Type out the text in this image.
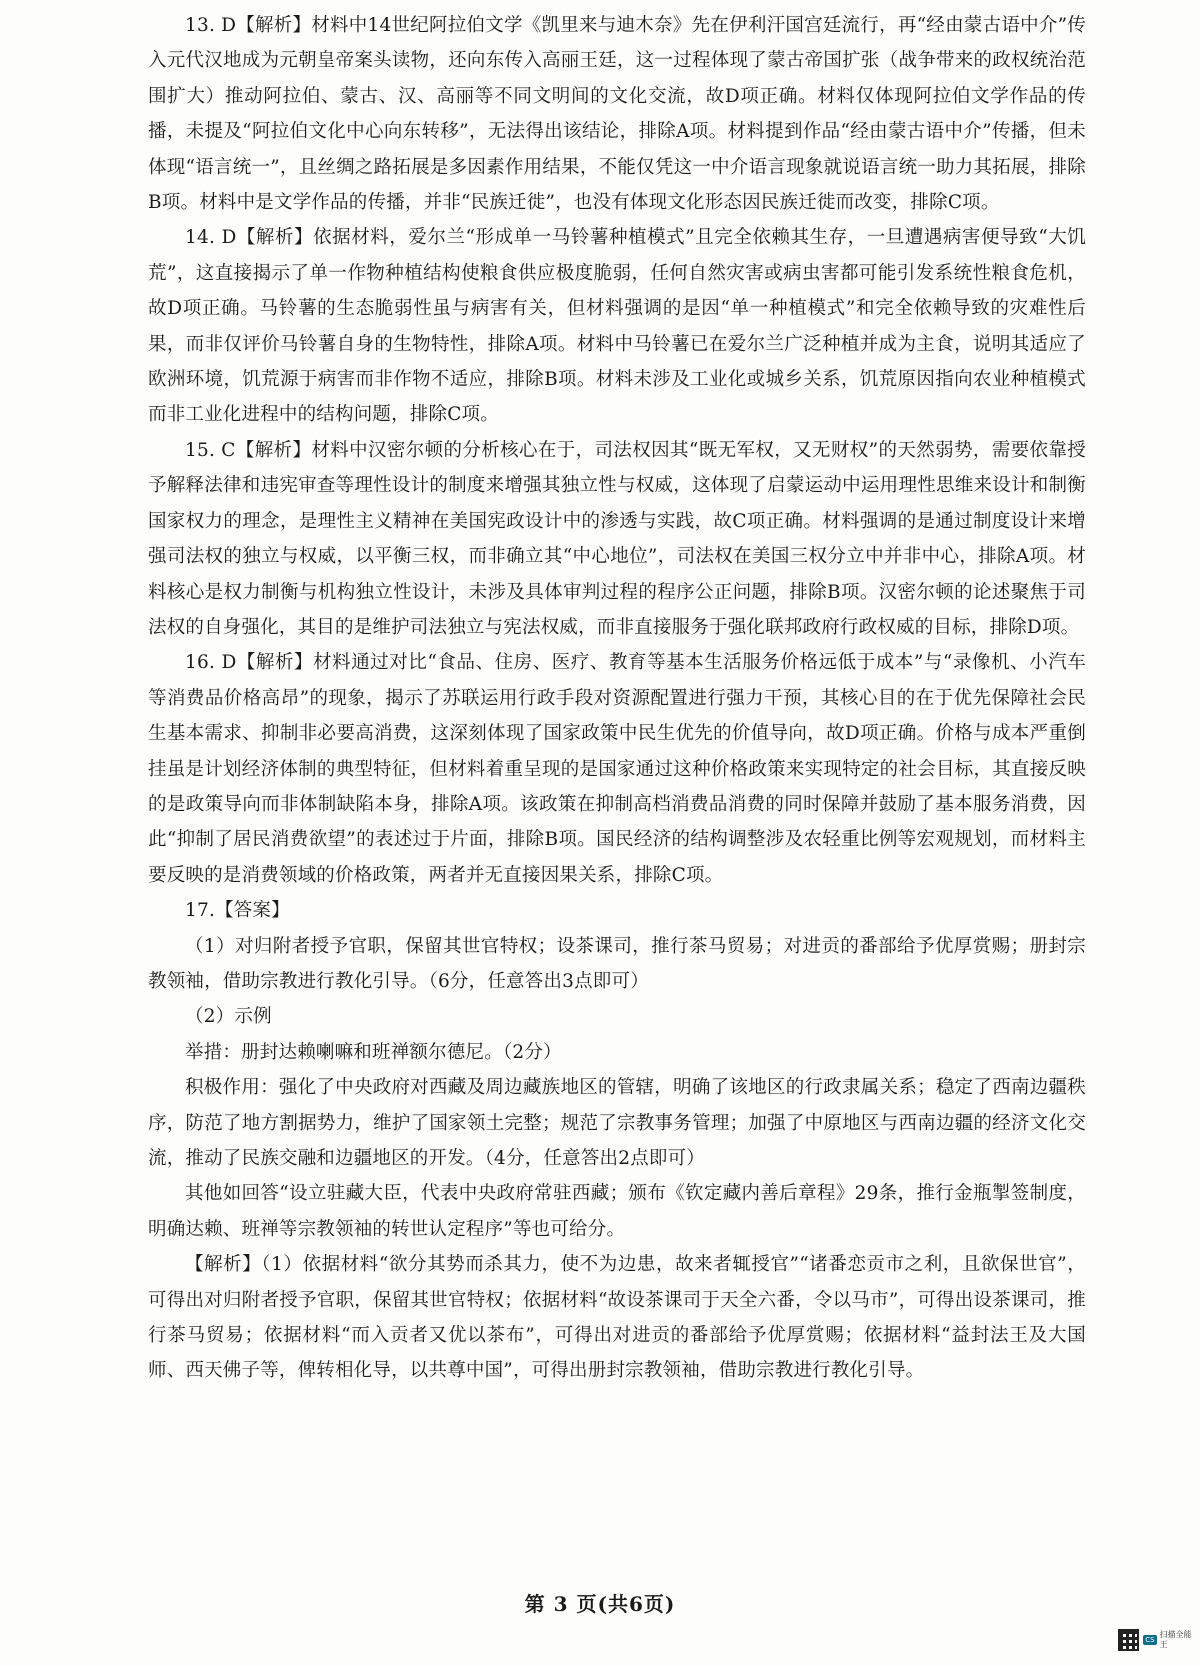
13. D【解析】材料中14世纪阿拉伯文学《凯里来与迪木奈》先在伊利汗国宫廷流行，再“经由蒙古语中介”传入元代汉地成为元朝皇帝案头读物，还向东传入高丽王廷，这一过程体现了蒙古帝国扩张（战争带来的政权统治范围扩大）推动阿拉伯、蒙古、汉、高丽等不同文明间的文化交流，故D项正确。材料仅体现阿拉伯文学作品的传播，未提及“阿拉伯文化中心向东转移”，无法得出该结论，排除A项。材料提到作品“经由蒙古语中介”传播，但未体现“语言统一”，且丝绸之路拓展是多因素作用结果，不能仅凭这一中介语言现象就说语言统一助力其拓展，排除B项。材料中是文学作品的传播，并非“民族迁徙”，也没有体现文化形态因民族迁徙而改变，排除C项。

14. D【解析】依据材料，爱尔兰“形成单一马铃薯种植模式”且完全依赖其生存，一旦遭遇病害便导致“大饥荒”，这直接揭示了单一作物种植结构使粮食供应极度脆弱，任何自然灾害或病虫害都可能引发系统性粮食危机，故D项正确。马铃薯的生态脆弱性虽与病害有关，但材料强调的是因“单一种植模式”和完全依赖导致的灾难性后果，而非仅评价马铃薯自身的生物特性，排除A项。材料中马铃薯已在爱尔兰广泛种植并成为主食，说明其适应了欧洲环境，饥荒源于病害而非作物不适应，排除B项。材料未涉及工业化或城乡关系，饥荒原因指向农业种植模式而非工业化进程中的结构问题，排除C项。

15. C【解析】材料中汉密尔顿的分析核心在于，司法权因其“既无军权，又无财权”的天然弱势，需要依靠授予解释法律和违宪审查等理性设计的制度来增强其独立性与权威，这体现了启蒙运动中运用理性思维来设计和制衡国家权力的理念，是理性主义精神在美国宪政设计中的渗透与实践，故C项正确。材料强调的是通过制度设计来增强司法权的独立与权威，以平衡三权，而非确立其“中心地位”，司法权在美国三权分立中并非中心，排除A项。材料核心是权力制衡与机构独立性设计，未涉及具体审判过程的程序公正问题，排除B项。汉密尔顿的论述聚焦于司法权的自身强化，其目的是维护司法独立与宪法权威，而非直接服务于强化联邦政府行政权威的目标，排除D项。

16. D【解析】材料通过对比“食品、住房、医疗、教育等基本生活服务价格远低于成本”与“录像机、小汽车等消费品价格高昂”的现象，揭示了苏联运用行政手段对资源配置进行强力干预，其核心目的在于优先保障社会民生基本需求、抑制非必要高消费，这深刻体现了国家政策中民生优先的价值导向，故D项正确。价格与成本严重倒挂虽是计划经济体制的典型特征，但材料着重呈现的是国家通过这种价格政策来实现特定的社会目标，其直接反映的是政策导向而非体制缺陷本身，排除A项。该政策在抑制高档消费品消费的同时保障并鼓励了基本服务消费，因此“抑制了居民消费欲望”的表述过于片面，排除B项。国民经济的结构调整涉及农轻重比例等宏观规划，而材料主要反映的是消费领域的价格政策，两者并无直接因果关系，排除C项。

17.【答案】

（1）对归附者授予官职，保留其世官特权；设茶课司，推行茶马贸易；对进贡的番部给予优厚赏赐；册封宗教领袖，借助宗教进行教化引导。（6分，任意答出3点即可）

（2）示例

举措：册封达赖喇嘛和班禅额尔德尼。（2分）

积极作用：强化了中央政府对西藏及周边藏族地区的管辖，明确了该地区的行政隶属关系；稳定了西南边疆秩序，防范了地方割据势力，维护了国家领土完整；规范了宗教事务管理；加强了中原地区与西南边疆的经济文化交流，推动了民族交融和边疆地区的开发。（4分，任意答出2点即可）

其他如回答“设立驻藏大臣，代表中央政府常驻西藏；颁布《钦定藏内善后章程》29条，推行金瓶掣签制度，明确达赖、班禅等宗教领袖的转世认定程序”等也可给分。

【解析】（1）依据材料“欲分其势而杀其力，使不为边患，故来者辄授官”“诸番恋贡市之利，且欲保世官”，可得出对归附者授予官职，保留其世官特权；依据材料“故设茶课司于天全六番，令以马市”，可得出设茶课司，推行茶马贸易；依据材料“而入贡者又优以茶布”，可得出对进贡的番部给予优厚赏赐；依据材料“益封法王及大国师、西天佛子等，俾转相化导，以共尊中国”，可得出册封宗教领袖，借助宗教进行教化引导。

第 3 页(共6页)
CS
扫描全能王
